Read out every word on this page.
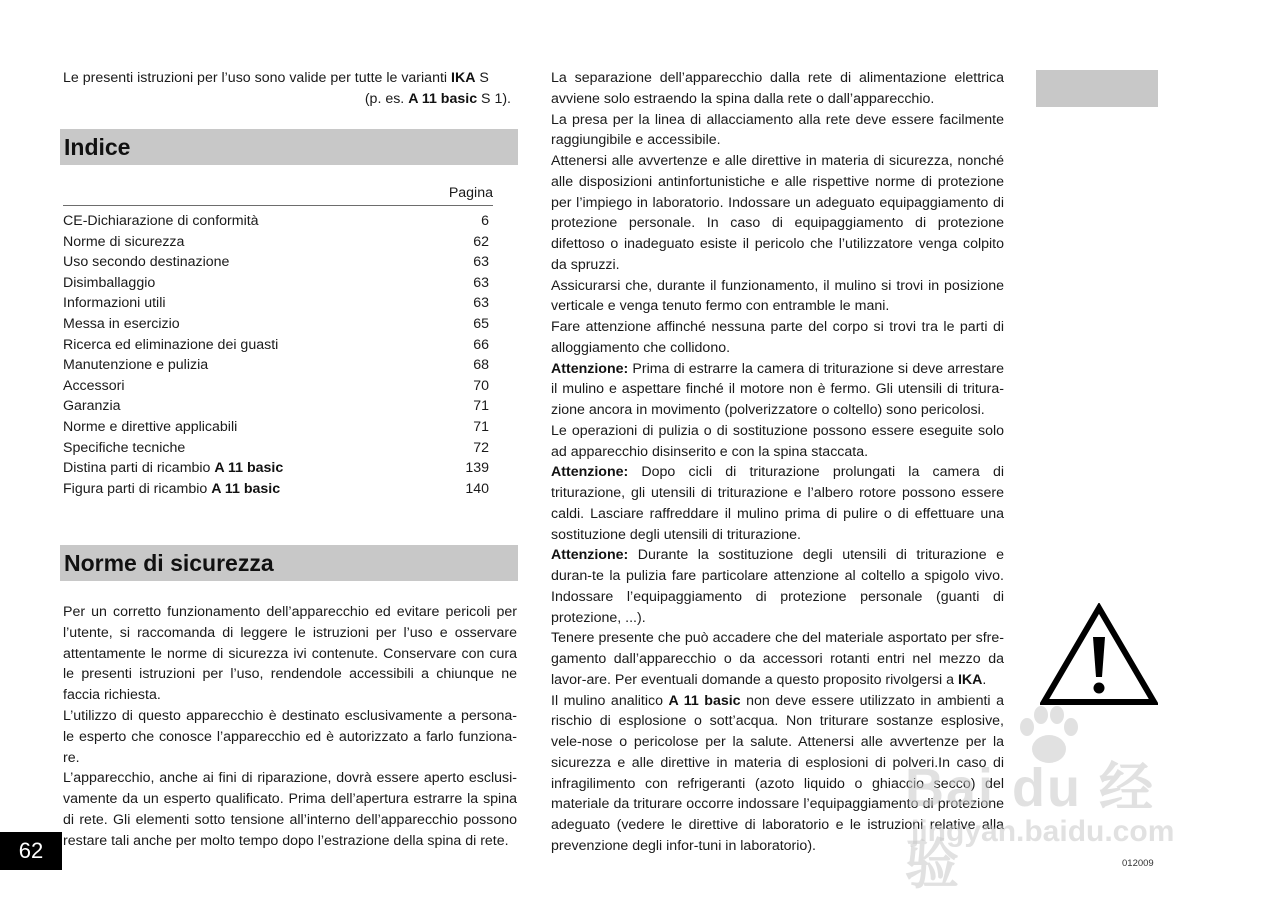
Le presenti istruzioni per l’uso sono valide per tutte le varianti IKA S
(p. es. A 11 basic S 1).
Indice
Pagina
CE-Dichiarazione di conformità	6
Norme di sicurezza	62
Uso secondo destinazione	63
Disimballaggio	63
Informazioni utili	63
Messa in esercizio	65
Ricerca ed eliminazione dei guasti	66
Manutenzione e pulizia	68
Accessori	70
Garanzia	71
Norme e direttive applicabili	71
Specifiche tecniche	72
Distina parti di ricambio A 11 basic	139
Figura parti di ricambio A 11 basic	140
Norme di sicurezza

Per un corretto funzionamento dell’apparecchio ed evitare pericoli per l’utente, si raccomanda di leggere le istruzioni per l’uso e osservare attentamente le norme di sicurezza ivi contenute. Conservare con cura le presenti istruzioni per l’uso, rendendole accessibili a chiunque ne faccia richiesta.

L’utilizzo di questo apparecchio è destinato esclusivamente a persona-le esperto che conosce l’apparecchio ed è autorizzato a farlo funziona-re.

L’apparecchio, anche ai fini di riparazione, dovrà essere aperto esclusi-vamente da un esperto qualificato. Prima dell’apertura estrarre la spina di rete. Gli elementi sotto tensione all’interno dell’apparecchio possono restare tali anche per molto tempo dopo l’estrazione della spina di rete.

62

La separazione dell’apparecchio dalla rete di alimentazione elettrica avviene solo estraendo la spina dalla rete o dall’apparecchio.

La presa per la linea di allacciamento alla rete deve essere facilmente raggiungibile e accessibile.

Attenersi alle avvertenze e alle direttive in materia di sicurezza, nonché alle disposizioni antinfortunistiche e alle rispettive norme di protezione per l’impiego in laboratorio. Indossare un adeguato equipaggiamento di protezione personale. In caso di equipaggiamento di protezione difettoso o inadeguato esiste il pericolo che l’utilizzatore venga colpito da spruzzi.

Assicurarsi che, durante il funzionamento, il mulino si trovi in posizione verticale e venga tenuto fermo con entramble le mani.

Fare attenzione affinché nessuna parte del corpo si trovi tra le parti di alloggiamento che collidono.

Attenzione: Prima di estrarre la camera di triturazione si deve arrestare il mulino e aspettare finché il motore non è fermo. Gli utensili di tritura-zione ancora in movimento (polverizzatore o coltello) sono pericolosi.

Le operazioni di pulizia o di sostituzione possono essere eseguite solo ad apparecchio disinserito e con la spina staccata.

Attenzione: Dopo cicli di triturazione prolungati la camera di triturazione, gli utensili di triturazione e l’albero rotore possono essere caldi. Lasciare raffreddare il mulino prima di pulire o di effettuare una sostituzione degli utensili di triturazione.

Attenzione: Durante la sostituzione degli utensili di triturazione e duran-te la pulizia fare particolare attenzione al coltello a spigolo vivo. Indossare l’equipaggiamento di protezione personale (guanti di protezione, ...).

Tenere presente che può accadere che del materiale asportato per sfre-gamento dall’apparecchio o da accessori rotanti entri nel mezzo da lavor-are. Per eventuali domande a questo proposito rivolgersi a IKA.

Il mulino analitico A 11 basic non deve essere utilizzato in ambienti a rischio di esplosione o sott’acqua. Non triturare sostanze esplosive, vele-nose o pericolose per la salute. Attenersi alle avvertenze per la sicurezza e alle direttive in materia di esplosioni di polveri.In caso di infragilimento con refrigeranti (azoto liquido o ghiaccio secco) del materiale da triturare occorre indossare l’equipaggiamento di protezione adeguato (vedere le direttive di laboratorio e le istruzioni relative alla prevenzione degli infor-tuni in laboratorio).

Bai du 经验
jingyan.baidu.com
012009
